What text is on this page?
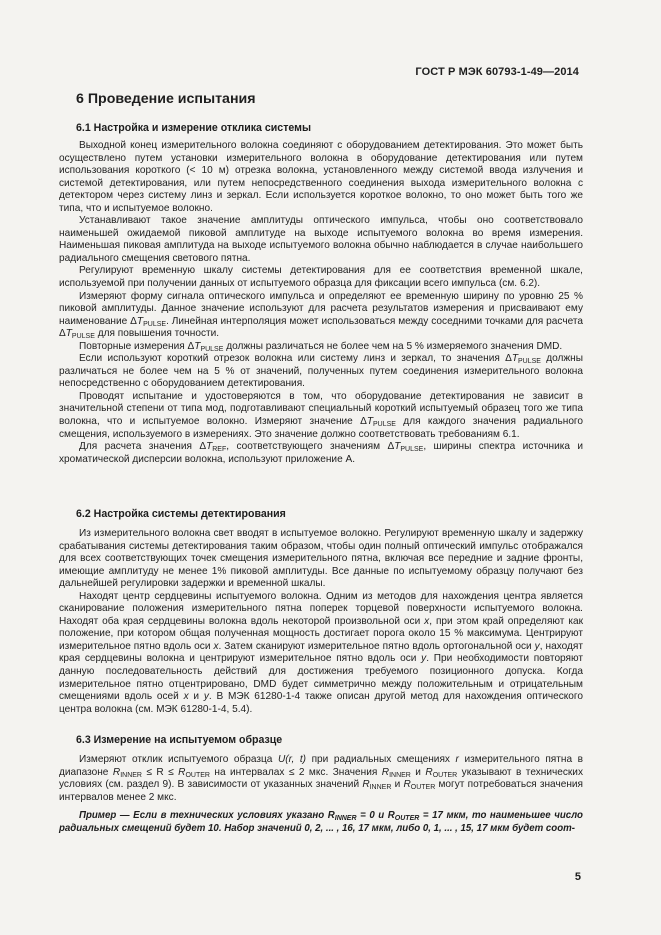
ГОСТ Р МЭК 60793-1-49—2014
6 Проведение испытания
6.1 Настройка и измерение отклика системы

Выходной конец измерительного волокна соединяют с оборудованием детектирования. Это может быть осуществлено путем установки измерительного волокна в оборудование детектирования или путем использования короткого (< 10 м) отрезка волокна, установленного между системой ввода излучения и системой детектирования, или путем непосредственного соединения выхода измерительного волокна с детектором через систему линз и зеркал. Если используется короткое волокно, то оно может быть того же типа, что и испытуемое волокно.

Устанавливают такое значение амплитуды оптического импульса, чтобы оно соответствовало наименьшей ожидаемой пиковой амплитуде на выходе испытуемого волокна во время измерения. Наименьшая пиковая амплитуда на выходе испытуемого волокна обычно наблюдается в случае наибольшего радиального смещения светового пятна.

Регулируют временную шкалу системы детектирования для ее соответствия временной шкале, используемой при получении данных от испытуемого образца для фиксации всего импульса (см. 6.2).

Измеряют форму сигнала оптического импульса и определяют ее временную ширину по уровню 25 % пиковой амплитуды. Данное значение используют для расчета результатов измерения и присваивают ему наименование $\Delta T_{PULSE}$. Линейная интерполяция может использоваться между соседними точками для расчета $\Delta T_{PULSE}$ для повышения точности.

Повторные измерения $\Delta T_{PULSE}$ должны различаться не более чем на 5 % измеряемого значения DMD.

Если используют короткий отрезок волокна или систему линз и зеркал, то значения $\Delta T_{PULSE}$ должны различаться не более чем на 5 % от значений, полученных путем соединения измерительного волокна непосредственно с оборудованием детектирования.

Проводят испытание и удостоверяются в том, что оборудование детектирования не зависит в значительной степени от типа мод, подготавливают специальный короткий испытуемый образец того же типа волокна, что и испытуемое волокно. Измеряют значение $\Delta T_{PULSE}$ для каждого значения радиального смещения, используемого в измерениях. Это значение должно соответствовать требованиям 6.1.

Для расчета значения $\Delta T_{REF}$, соответствующего значениям $\Delta T_{PULSE}$, ширины спектра источника и хроматической дисперсии волокна, используют приложение А.

6.2 Настройка системы детектирования

Из измерительного волокна свет вводят в испытуемое волокно. Регулируют временную шкалу и задержку срабатывания системы детектирования таким образом, чтобы один полный оптический импульс отображался для всех соответствующих точек смещения измерительного пятна, включая все передние и задние фронты, имеющие амплитуду не менее 1% пиковой амплитуды. Все данные по испытуемому образцу получают без дальнейшей регулировки задержки и временной шкалы.

Находят центр сердцевины испытуемого волокна. Одним из методов для нахождения центра является сканирование положения измерительного пятна поперек торцевой поверхности испытуемого волокна. Находят оба края сердцевины волокна вдоль некоторой произвольной оси x, при этом край определяют как положение, при котором общая полученная мощность достигает порога около 15 % максимума. Центрируют измерительное пятно вдоль оси x. Затем сканируют измерительное пятно вдоль ортогональной оси y, находят края сердцевины волокна и центрируют измерительное пятно вдоль оси y. При необходимости повторяют данную последовательность действий для достижения требуемого позиционного допуска. Когда измерительное пятно отцентрировано, DMD будет симметрично между положительным и отрицательным смещениями вдоль осей x и y. В МЭК 61280-1-4 также описан другой метод для нахождения оптического центра волокна (см. МЭК 61280-1-4, 5.4).

6.3 Измерение на испытуемом образце

Измеряют отклик испытуемого образца U(r, t) при радиальных смещениях r измерительного пятна в диапазоне $R_{INNER} \le R \le R_{OUTER}$ на интервалах ≤ 2 мкс. Значения $R_{INNER}$ и $R_{OUTER}$ указывают в технических условиях (см. раздел 9). В зависимости от указанных значений $R_{INNER}$ и $R_{OUTER}$ могут потребоваться значения интервалов менее 2 мкс.

Пример — Если в технических условиях указано $R_{INNER} = 0$ и $R_{OUTER} = 17$ мкм, то наименьшее число радиальных смещений будет 10. Набор значений 0, 2, ... , 16, 17 мкм, либо 0, 1, ... , 15, 17 мкм будет соот-

5
